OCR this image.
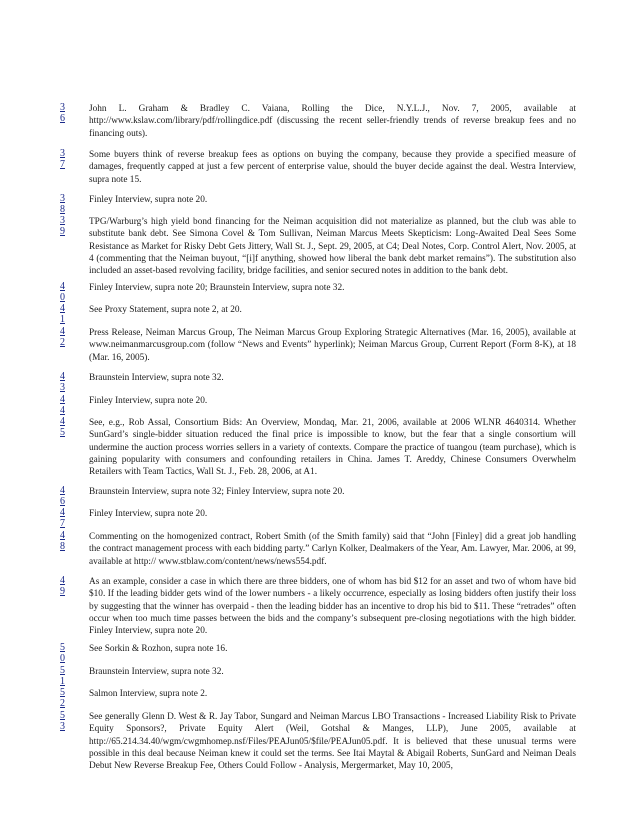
3
6
John L. Graham & Bradley C. Vaiana, Rolling the Dice, N.Y.L.J., Nov. 7, 2005, available at http://www.kslaw.com/library/pdf/rollingdice.pdf (discussing the recent seller-friendly trends of reverse breakup fees and no financing outs).
3
7
Some buyers think of reverse breakup fees as options on buying the company, because they provide a specified measure of damages, frequently capped at just a few percent of enterprise value, should the buyer decide against the deal. Westra Interview, supra note 15.
3
8
Finley Interview, supra note 20.
3
9
TPG/Warburg’s high yield bond financing for the Neiman acquisition did not materialize as planned, but the club was able to substitute bank debt. See Simona Covel & Tom Sullivan, Neiman Marcus Meets Skepticism: Long-Awaited Deal Sees Some Resistance as Market for Risky Debt Gets Jittery, Wall St. J., Sept. 29, 2005, at C4; Deal Notes, Corp. Control Alert, Nov. 2005, at 4 (commenting that the Neiman buyout, “[i]f anything, showed how liberal the bank debt market remains”). The substitution also included an asset-based revolving facility, bridge facilities, and senior secured notes in addition to the bank debt.
4
0
Finley Interview, supra note 20; Braunstein Interview, supra note 32.
4
1
See Proxy Statement, supra note 2, at 20.
4
2
Press Release, Neiman Marcus Group, The Neiman Marcus Group Exploring Strategic Alternatives (Mar. 16, 2005), available at www.neimanmarcusgroup.com (follow “News and Events” hyperlink); Neiman Marcus Group, Current Report (Form 8-K), at 18 (Mar. 16, 2005).
4
3
Braunstein Interview, supra note 32.
4
4
Finley Interview, supra note 20.
4
5
See, e.g., Rob Assal, Consortium Bids: An Overview, Mondaq, Mar. 21, 2006, available at 2006 WLNR 4640314. Whether SunGard’s single-bidder situation reduced the final price is impossible to know, but the fear that a single consortium will undermine the auction process worries sellers in a variety of contexts. Compare the practice of tuangou (team purchase), which is gaining popularity with consumers and confounding retailers in China. James T. Areddy, Chinese Consumers Overwhelm Retailers with Team Tactics, Wall St. J., Feb. 28, 2006, at A1.
4
6
Braunstein Interview, supra note 32; Finley Interview, supra note 20.
4
7
Finley Interview, supra note 20.
4
8
Commenting on the homogenized contract, Robert Smith (of the Smith family) said that “John [Finley] did a great job handling the contract management process with each bidding party.” Carlyn Kolker, Dealmakers of the Year, Am. Lawyer, Mar. 2006, at 99, available at http:// www.stblaw.com/content/news/news554.pdf.
4
9
As an example, consider a case in which there are three bidders, one of whom has bid $12 for an asset and two of whom have bid $10. If the leading bidder gets wind of the lower numbers - a likely occurrence, especially as losing bidders often justify their loss by suggesting that the winner has overpaid - then the leading bidder has an incentive to drop his bid to $11. These “retrades” often occur when too much time passes between the bids and the company’s subsequent pre-closing negotiations with the high bidder. Finley Interview, supra note 20.
5
0
See Sorkin & Rozhon, supra note 16.
5
1
Braunstein Interview, supra note 32.
5
2
Salmon Interview, supra note 2.
5
3
See generally Glenn D. West & R. Jay Tabor, Sungard and Neiman Marcus LBO Transactions - Increased Liability Risk to Private Equity Sponsors?, Private Equity Alert (Weil, Gotshal & Manges, LLP), June 2005, available at http://65.214.34.40/wgm/cwgmhomep.nsf/Files/PEAJun05/$file/PEAJun05.pdf. It is believed that these unusual terms were possible in this deal because Neiman knew it could set the terms. See Itai Maytal & Abigail Roberts, SunGard and Neiman Deals Debut New Reverse Breakup Fee, Others Could Follow - Analysis, Mergermarket, May 10, 2005,
